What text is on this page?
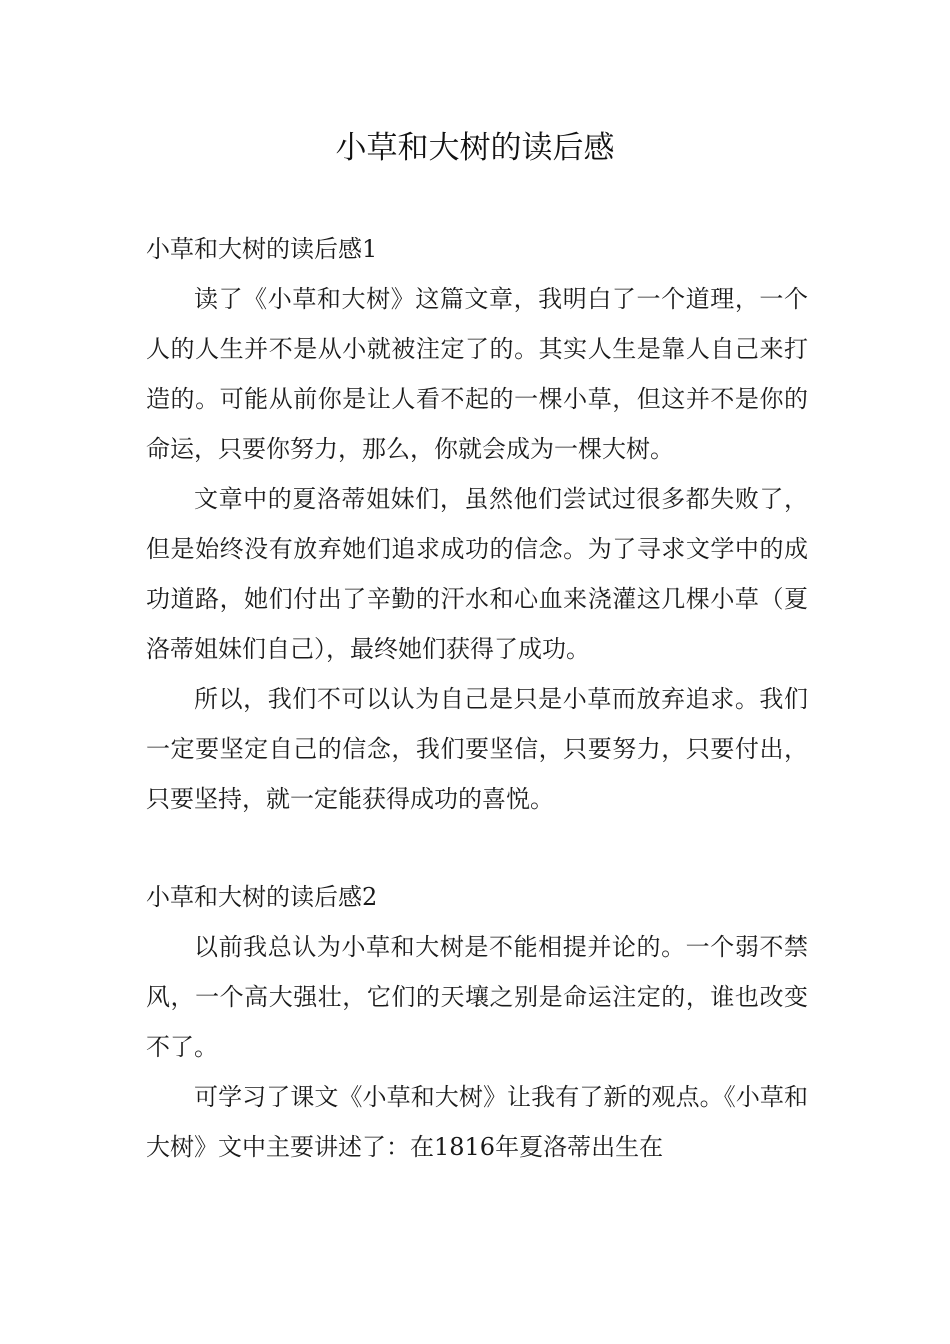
小草和大树的读后感
小草和大树的读后感1

读了《小草和大树》这篇文章，我明白了一个道理，一个人的人生并不是从小就被注定了的。其实人生是靠人自己来打造的。可能从前你是让人看不起的一棵小草，但这并不是你的命运，只要你努力，那么，你就会成为一棵大树。

文章中的夏洛蒂姐妹们，虽然他们尝试过很多都失败了，但是始终没有放弃她们追求成功的信念。为了寻求文学中的成功道路，她们付出了辛勤的汗水和心血来浇灌这几棵小草（夏洛蒂姐妹们自己），最终她们获得了成功。

所以，我们不可以认为自己是只是小草而放弃追求。我们一定要坚定自己的信念，我们要坚信，只要努力，只要付出，只要坚持，就一定能获得成功的喜悦。

小草和大树的读后感2

以前我总认为小草和大树是不能相提并论的。一个弱不禁风，一个高大强壮，它们的天壤之别是命运注定的，谁也改变不了。

可学习了课文《小草和大树》让我有了新的观点。《小草和大树》文中主要讲述了：在1816年夏洛蒂出生在
